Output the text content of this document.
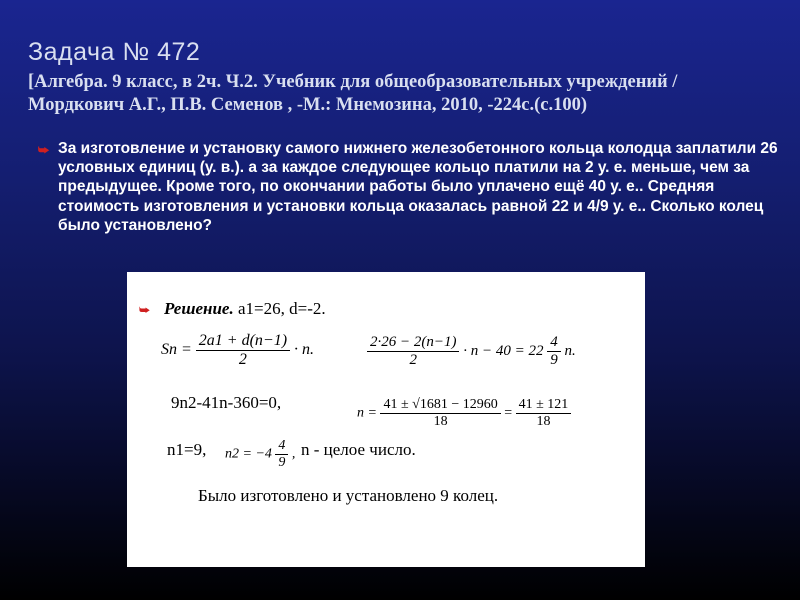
Задача № 472
[Алгебра. 9 класс, в 2ч. Ч.2. Учебник для общеобразовательных учреждений /
Мордкович А.Г., П.В. Семенов , -М.: Мнемозина, 2010, -224с.(с.100)
⮩ За изготовление и установку самого нижнего железобетонного кольца колодца заплатили 26 условных единиц (у. в.). а за каждое следующее кольцо платили на 2 у. е. меньше, чем за предыдущее. Кроме того, по окончании работы было уплачено ещё 40 у. е.. Средняя стоимость изготовления и установки кольца оказалась равной 22 и 4/9 у. е.. Сколько колец было установлено?
⮩ Решение. a1=26, d=-2.
$Sn = \frac{2a1 + d(n-1)}{2} \cdot n$.	$\frac{2\cdot 26 - 2(n-1)}{2} \cdot n - 40 = 22 \frac{4}{9} n$.
9n2-41n-360=0,
$n = \frac{41 \pm √1681 - 12960}{18} = \frac{41 \pm 121}{18}$
n1=9, $n2 = -4 \frac{4}{9}$ , n - целое число.
Было изготовлено и установлено 9 колец.
